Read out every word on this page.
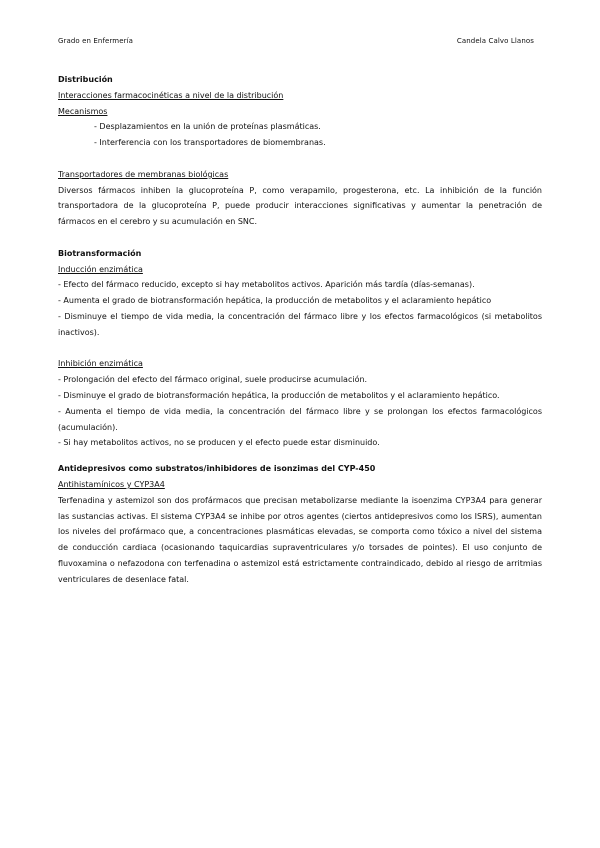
Grado en Enfermería	Candela Calvo Llanos

Distribución

Interacciones farmacocinéticas a nivel de la distribución

Mecanismos

- Desplazamientos en la unión de proteínas plasmáticas.

- Interferencia con los transportadores de biomembranas.

Transportadores de membranas biológicas

Diversos fármacos inhiben la glucoproteína P, como verapamilo, progesterona, etc. La inhibición de la función transportadora de la glucoproteína P, puede producir interacciones significativas y aumentar la penetración de fármacos en el cerebro y su acumulación en SNC.

Biotransformación

Inducción enzimática

- Efecto del fármaco reducido, excepto si hay metabolitos activos. Aparición más tardía (días-semanas).

- Aumenta el grado de biotransformación hepática, la producción de metabolitos y el aclaramiento hepático

- Disminuye el tiempo de vida media, la concentración del fármaco libre y los efectos farmacológicos (si metabolitos inactivos).

Inhibición enzimática

- Prolongación del efecto del fármaco original, suele producirse acumulación.

- Disminuye el grado de biotransformación hepática, la producción de metabolitos y el aclaramiento hepático.

- Aumenta el tiempo de vida media, la concentración del fármaco libre y se prolongan los efectos farmacológicos (acumulación).

- Si hay metabolitos activos, no se producen y el efecto puede estar disminuido.

Antidepresivos como substratos/inhibidores de isonzimas del CYP-450

Antihistamínicos y CYP3A4

Terfenadina y astemizol son dos profármacos que precisan metabolizarse mediante la isoenzima CYP3A4 para generar las sustancias activas. El sistema CYP3A4 se inhibe por otros agentes (ciertos antidepresivos como los ISRS), aumentan los niveles del profármaco que, a concentraciones plasmáticas elevadas, se comporta como tóxico a nivel del sistema de conducción cardiaca (ocasionando taquicardias supraventriculares y/o torsades de pointes). El uso conjunto de fluvoxamina o nefazodona con terfenadina o astemizol está estrictamente contraindicado, debido al riesgo de arritmias ventriculares de desenlace fatal.
